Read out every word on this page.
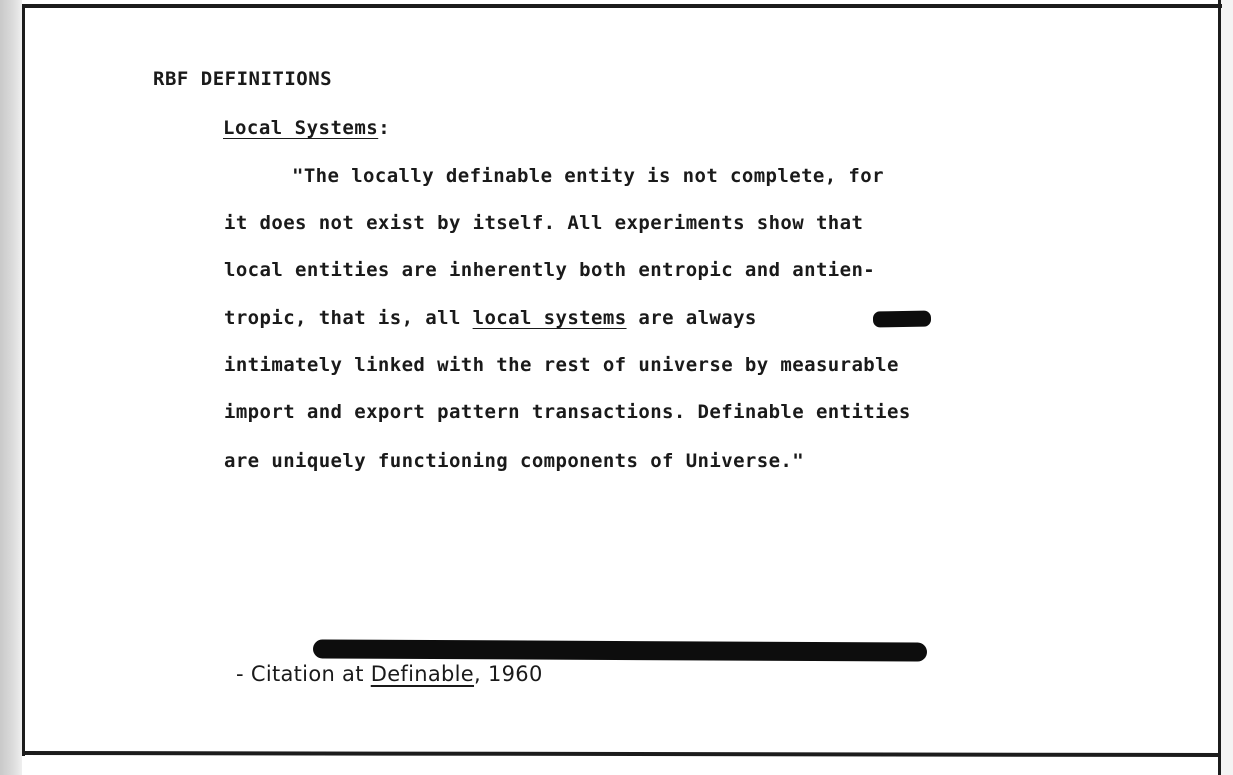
RBF DEFINITIONS
Local Systems:
"The locally definable entity is not complete, for
it does not exist by itself. All experiments show that
local entities are inherently both entropic and antien-
tropic, that is, all local systems are always
intimately linked with the rest of universe by measurable
import and export pattern transactions. Definable entities
are uniquely functioning components of Universe."
- Citation at Definable, 1960
